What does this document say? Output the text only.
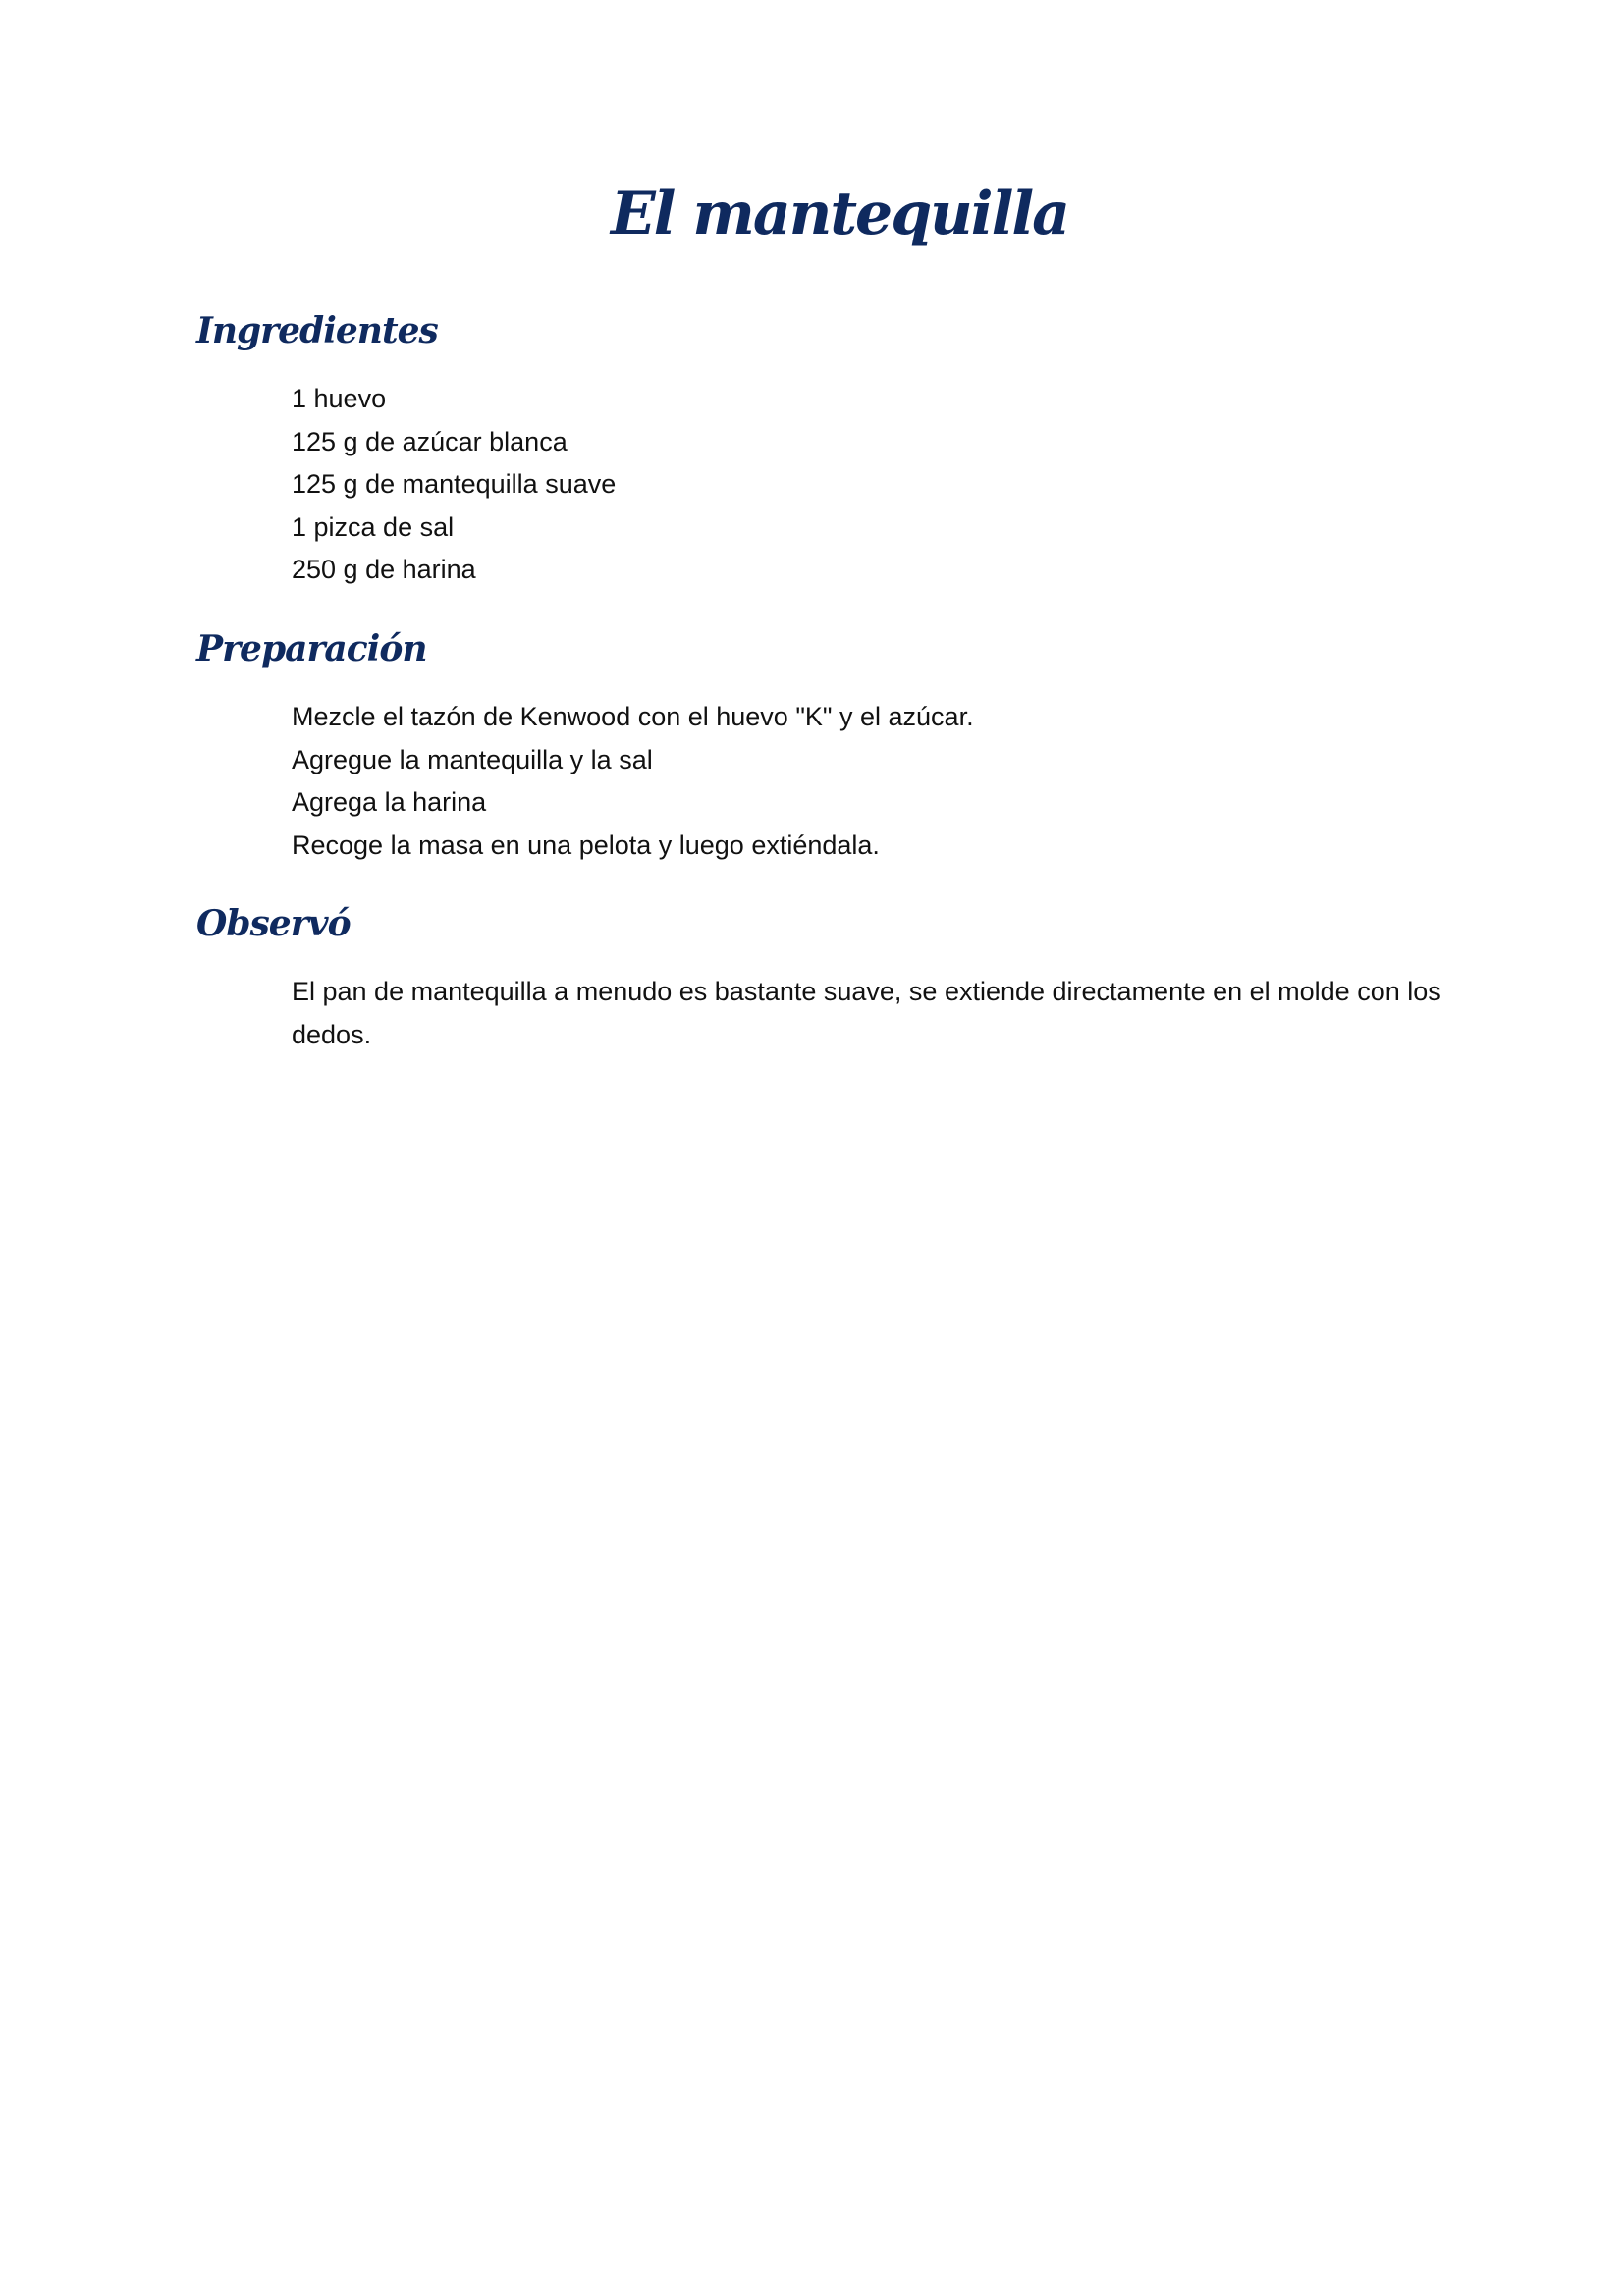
El mantequilla
Ingredientes
1 huevo
125 g de azúcar blanca
125 g de mantequilla suave
1 pizca de sal
250 g de harina
Preparación
Mezcle el tazón de Kenwood con el huevo "K" y el azúcar.
Agregue la mantequilla y la sal
Agrega la harina
Recoge la masa en una pelota y luego extiéndala.
Observó

El pan de mantequilla a menudo es bastante suave, se extiende directamente en el molde con los dedos.
